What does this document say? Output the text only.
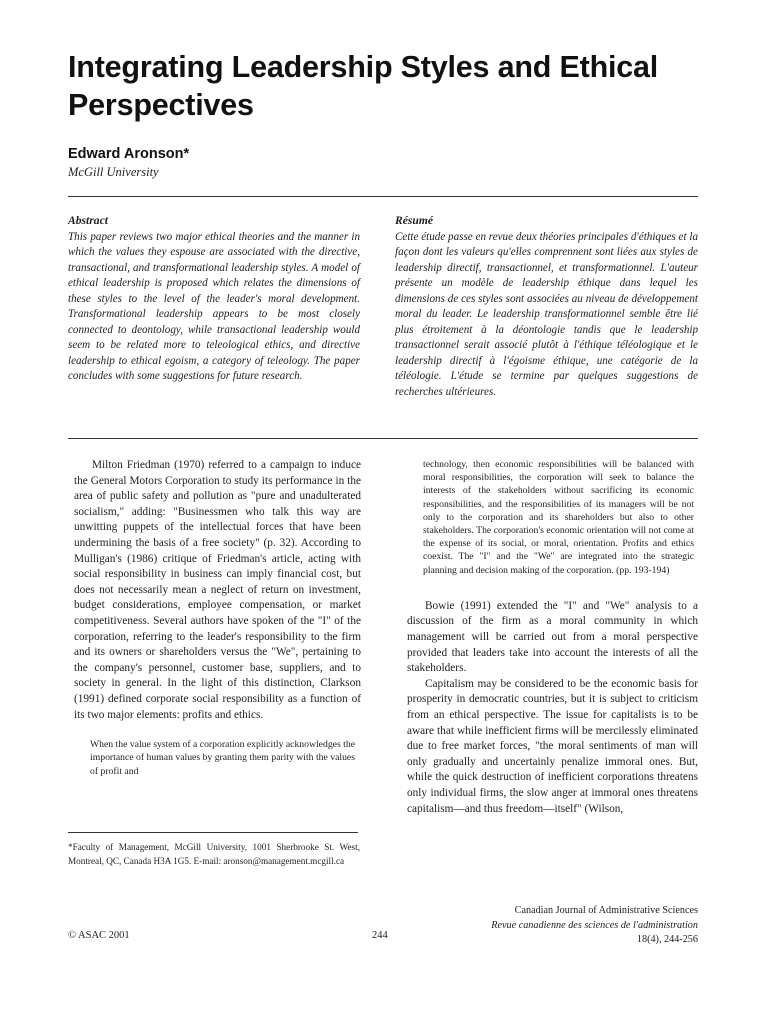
Integrating Leadership Styles and Ethical Perspectives
Edward Aronson*
McGill University
Abstract

This paper reviews two major ethical theories and the manner in which the values they espouse are associated with the directive, transactional, and transformational leadership styles. A model of ethical leadership is proposed which relates the dimensions of these styles to the level of the leader's moral development. Transformational leadership appears to be most closely connected to deontology, while transactional leadership would seem to be related more to teleological ethics, and directive leadership to ethical egoism, a category of teleology. The paper concludes with some suggestions for future research.

Résumé

Cette étude passe en revue deux théories principales d'éthiques et la façon dont les valeurs qu'elles comprennent sont liées aux styles de leadership directif, transactionnel, et transformationnel. L'auteur présente un modèle de leadership éthique dans lequel les dimensions de ces styles sont associées au niveau de développement moral du leader. Le leadership transformationnel semble être lié plus étroitement à la déontologie tandis que le leadership transactionnel serait associé plutôt à l'éthique téléologique et le leadership directif à l'égoisme éthique, une catégorie de la téléologie. L'étude se termine par quelques suggestions de recherches ultérieures.

Milton Friedman (1970) referred to a campaign to induce the General Motors Corporation to study its performance in the area of public safety and pollution as "pure and unadulterated socialism," adding: "Businessmen who talk this way are unwitting puppets of the intellectual forces that have been undermining the basis of a free society" (p. 32). According to Mulligan's (1986) critique of Friedman's article, acting with social responsibility in business can imply financial cost, but does not necessarily mean a neglect of return on investment, budget considerations, employee compensation, or market competitiveness. Several authors have spoken of the "I" of the corporation, referring to the leader's responsibility to the firm and its owners or shareholders versus the "We", pertaining to the company's personnel, customer base, suppliers, and to society in general. In the light of this distinction, Clarkson (1991) defined corporate social responsibility as a function of its two major elements: profits and ethics.

When the value system of a corporation explicitly acknowledges the importance of human values by granting them parity with the values of profit and

technology, then economic responsibilities will be balanced with moral responsibilities, the corporation will seek to balance the interests of the stakeholders without sacrificing its economic responsibilities, and the responsibilities of its managers will be not only to the corporation and its shareholders but also to other stakeholders. The corporation's economic orientation will not come at the expense of its social, or moral, orientation. Profits and ethics coexist. The "I" and the "We" are integrated into the strategic planning and decision making of the corporation. (pp. 193-194)

Bowie (1991) extended the "I" and "We" analysis to a discussion of the firm as a moral community in which management will be carried out from a moral perspective provided that leaders take into account the interests of all the stakeholders.

Capitalism may be considered to be the economic basis for prosperity in democratic countries, but it is subject to criticism from an ethical perspective. The issue for capitalists is to be aware that while inefficient firms will be mercilessly eliminated due to free market forces, "the moral sentiments of man will only gradually and uncertainly penalize immoral ones. But, while the quick destruction of inefficient corporations threatens only individual firms, the slow anger at immoral ones threatens capitalism—and thus freedom—itself" (Wilson,

*Faculty of Management, McGill University, 1001 Sherbrooke St. West, Montreal, QC, Canada H3A 1G5. E-mail: aronson@management.mcgill.ca

© ASAC 2001	244
Canadian Journal of Administrative Sciences
Revue canadienne des sciences de l'administration
18(4), 244-256
